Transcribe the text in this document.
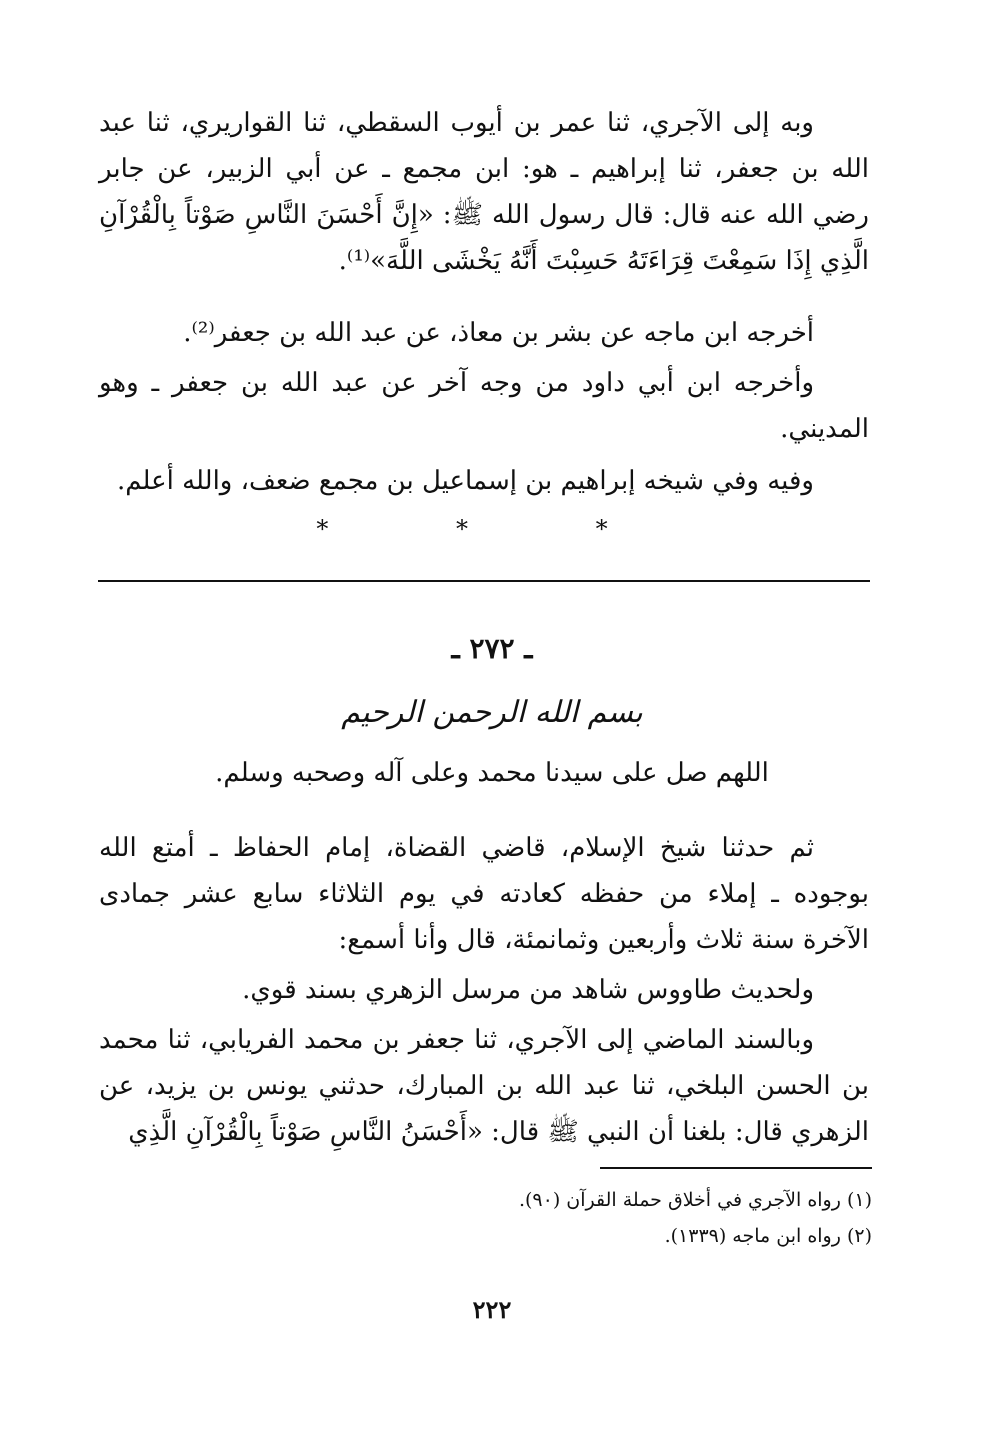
وبه إلى الآجري، ثنا عمر بن أيوب السقطي، ثنا القواريري، ثنا عبد الله بن جعفر، ثنا إبراهيم ـ هو: ابن مجمع ـ عن أبي الزبير، عن جابر رضي الله عنه قال: قال رسول الله ﷺ: «إِنَّ أَحْسَنَ النَّاسِ صَوْتاً بِالْقُرْآنِ الَّذِي إِذَا سَمِعْتَ قِرَاءَتَهُ حَسِبْتَ أَنَّهُ يَخْشَى اللَّهَ»⁽¹⁾.

أخرجه ابن ماجه عن بشر بن معاذ، عن عبد الله بن جعفر⁽²⁾.

وأخرجه ابن أبي داود من وجه آخر عن عبد الله بن جعفر ـ وهو المديني.

وفيه وفي شيخه إبراهيم بن إسماعيل بن مجمع ضعف، والله أعلم.

* * *
ـ ٢٧٢ ـ
بسم الله الرحمن الرحيم
اللهم صل على سيدنا محمد وعلى آله وصحبه وسلم.

ثم حدثنا شيخ الإسلام، قاضي القضاة، إمام الحفاظ ـ أمتع الله بوجوده ـ إملاء من حفظه كعادته في يوم الثلاثاء سابع عشر جمادى الآخرة سنة ثلاث وأربعين وثمانمئة، قال وأنا أسمع:

ولحديث طاووس شاهد من مرسل الزهري بسند قوي.

وبالسند الماضي إلى الآجري، ثنا جعفر بن محمد الفريابي، ثنا محمد بن الحسن البلخي، ثنا عبد الله بن المبارك، حدثني يونس بن يزيد، عن الزهري قال: بلغنا أن النبي ﷺ قال: «أَحْسَنُ النَّاسِ صَوْتاً بِالْقُرْآنِ الَّذِي

(١) رواه الآجري في أخلاق حملة القرآن (٩٠).
(٢) رواه ابن ماجه (١٣٣٩).
٢٢٢
